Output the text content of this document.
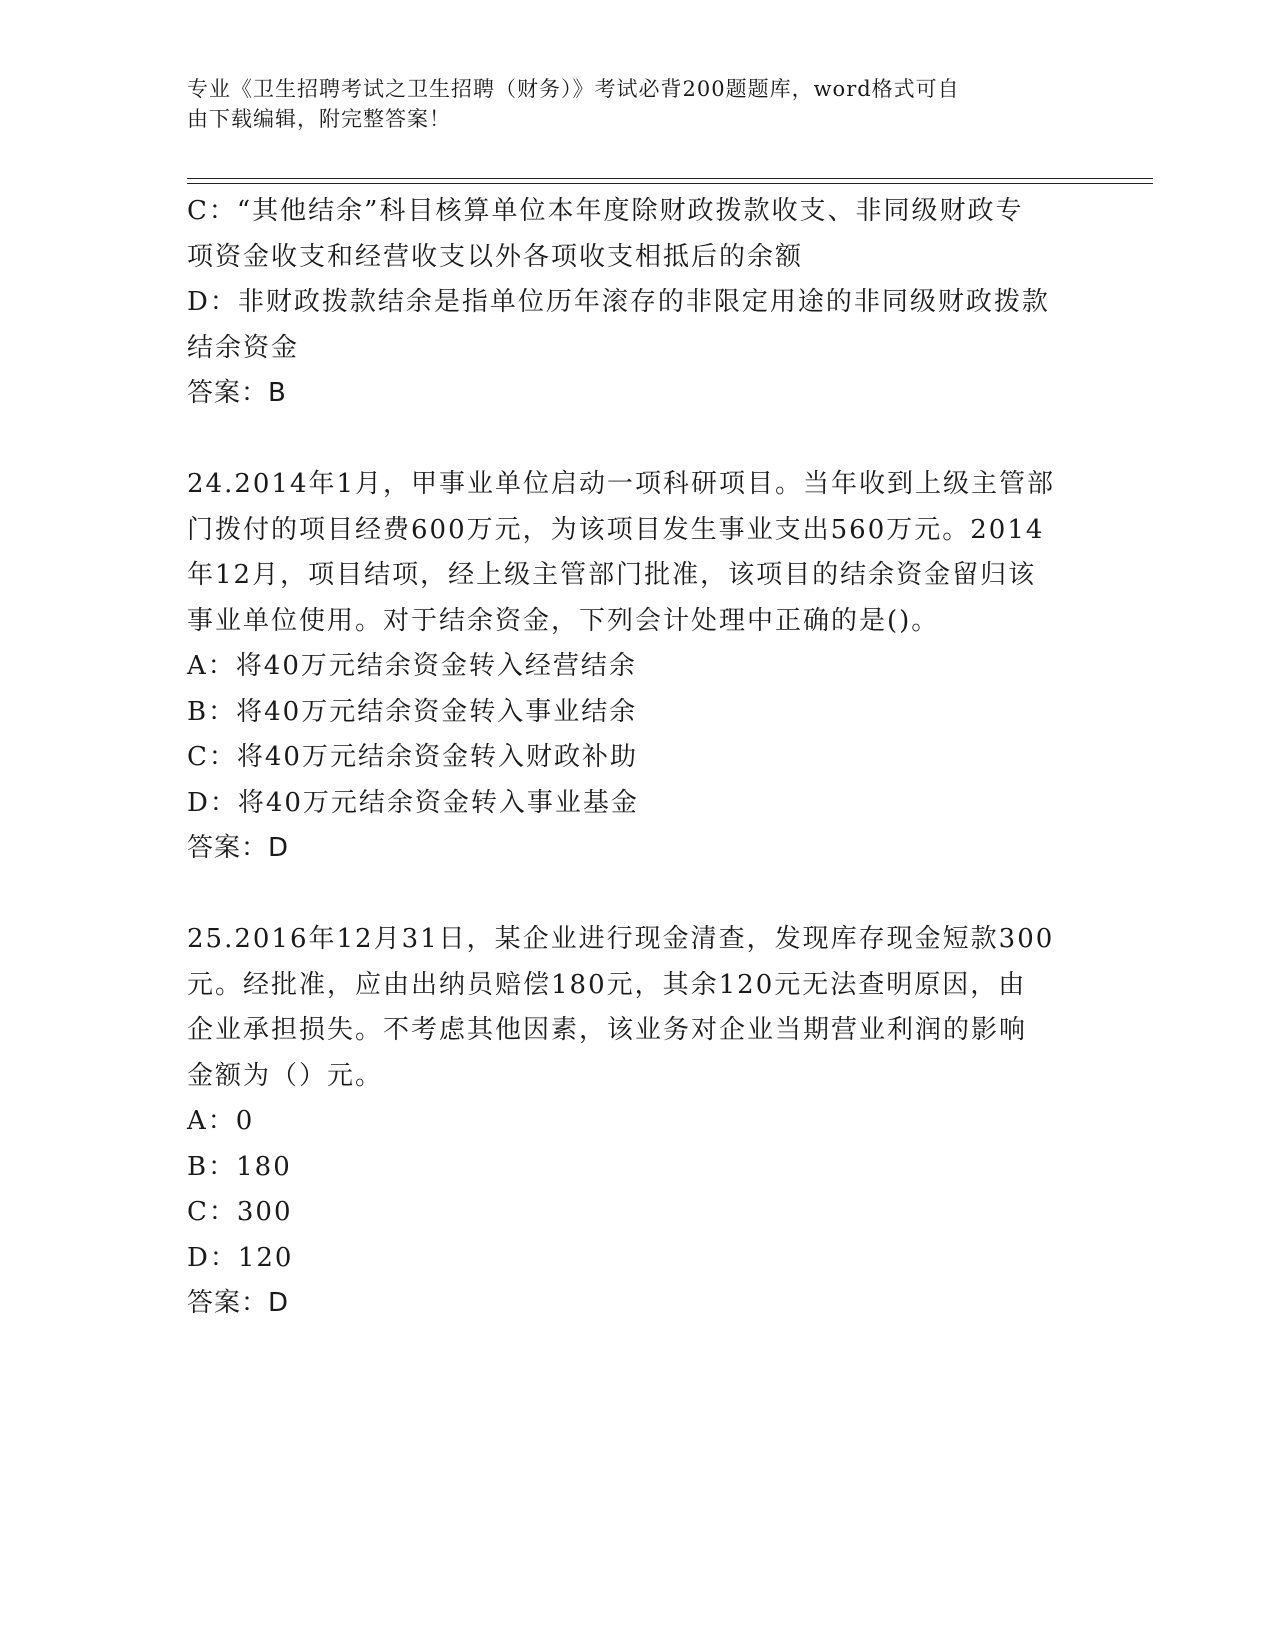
专业《卫生招聘考试之卫生招聘（财务）》考试必背200题题库，word格式可自
由下载编辑，附完整答案！
C：“其他结余”科目核算单位本年度除财政拨款收支、非同级财政专
项资金收支和经营收支以外各项收支相抵后的余额
D：非财政拨款结余是指单位历年滚存的非限定用途的非同级财政拨款
结余资金
答案：B
24.2014年1月，甲事业单位启动一项科研项目。当年收到上级主管部
门拨付的项目经费600万元，为该项目发生事业支出560万元。2014
年12月，项目结项，经上级主管部门批准，该项目的结余资金留归该
事业单位使用。对于结余资金，下列会计处理中正确的是()。
A：将40万元结余资金转入经营结余
B：将40万元结余资金转入事业结余
C：将40万元结余资金转入财政补助
D：将40万元结余资金转入事业基金
答案：D
25.2016年12月31日，某企业进行现金清查，发现库存现金短款300
元。经批准，应由出纳员赔偿180元，其余120元无法查明原因，由
企业承担损失。不考虑其他因素，该业务对企业当期营业利润的影响
金额为（）元。
A：0
B：180
C：300
D：120
答案：D
